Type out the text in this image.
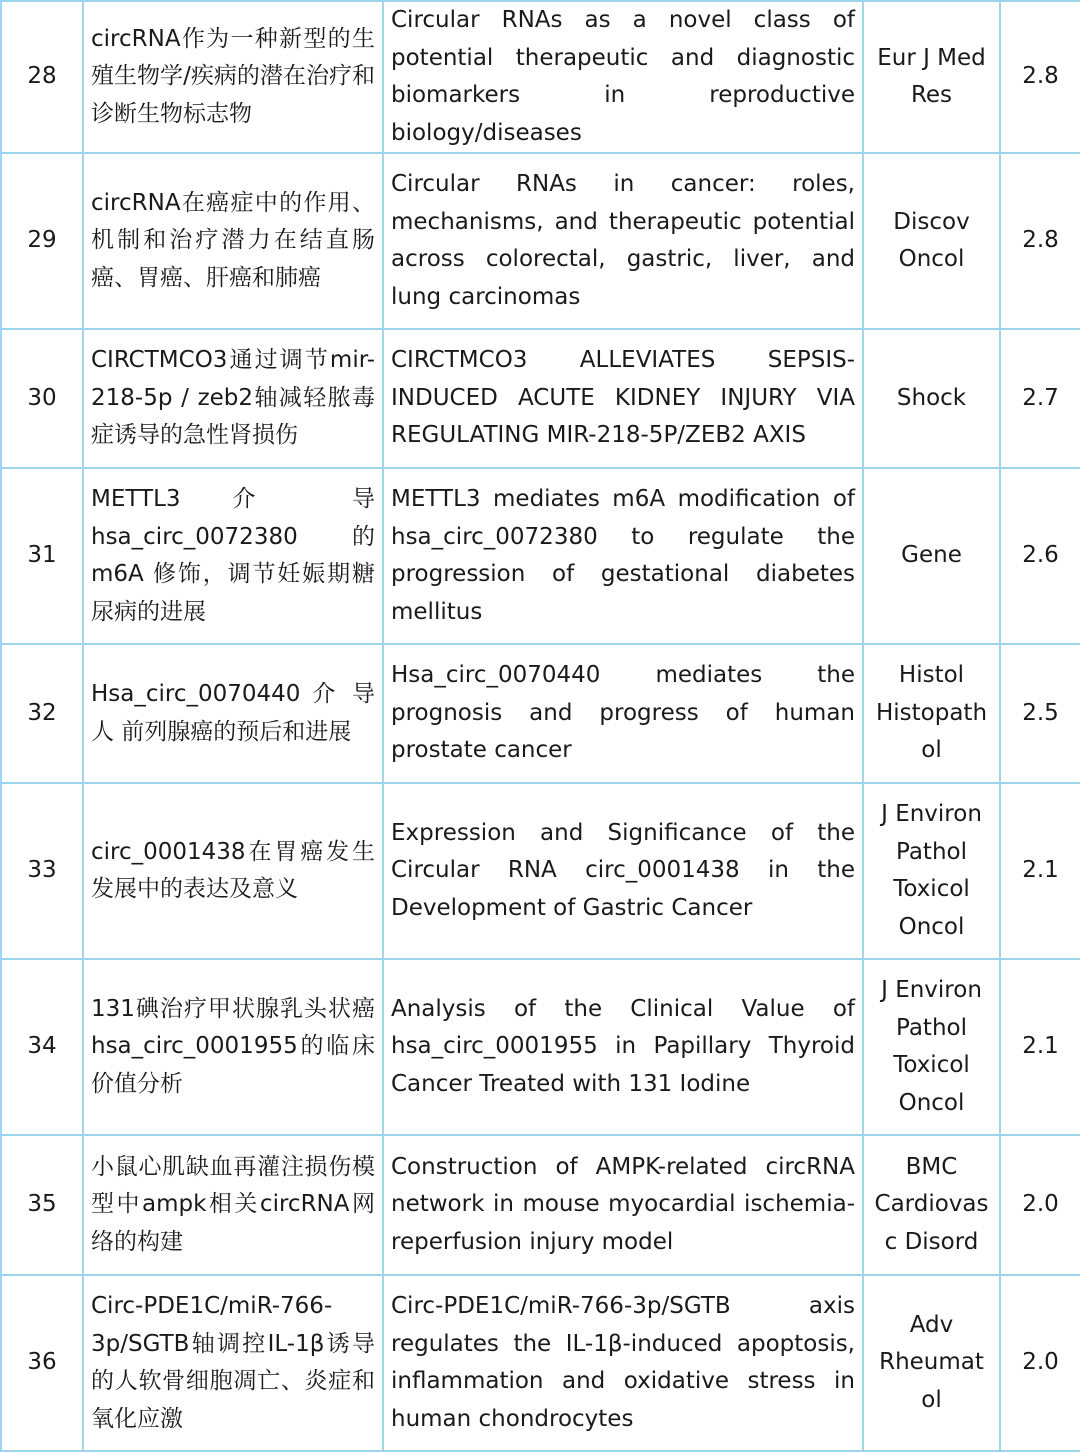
28	circRNA作为一种新型的生殖生物学/疾病的潜在治疗和诊断生物标志物	Circular RNAs as a novel class of potential therapeutic and diagnostic biomarkers in reproductive biology/diseases	Eur J Med Res	2.8
29	circRNA在癌症中的作用、机制和治疗潜力在结直肠癌、胃癌、肝癌和肺癌	Circular RNAs in cancer: roles, mechanisms, and therapeutic potential across colorectal, gastric, liver, and lung carcinomas	Discov Oncol	2.8
30	CIRCTMCO3通过调节mir-218-5p / zeb2轴减轻脓毒症诱导的急性肾损伤	CIRCTMCO3 ALLEVIATES SEPSIS-INDUCED ACUTE KIDNEY INJURY VIA REGULATING MIR-218-5P/ZEB2 AXIS	Shock	2.7
31	METTL3 介 导 hsa_circ_0072380 的 m6A 修饰，调节妊娠期糖尿病的进展	METTL3 mediates m6A modification of hsa_circ_0072380 to regulate the progression of gestational diabetes mellitus	Gene	2.6
32	Hsa_circ_0070440 介 导 人 前列腺癌的预后和进展	Hsa_circ_0070440 mediates the prognosis and progress of human prostate cancer	Histol Histopath ol	2.5
33	circ_0001438在胃癌发生发展中的表达及意义	Expression and Significance of the Circular RNA circ_0001438 in the Development of Gastric Cancer	J Environ Pathol Toxicol Oncol	2.1
34	131碘治疗甲状腺乳头状癌hsa_circ_0001955的临床价值分析	Analysis of the Clinical Value of hsa_circ_0001955 in Papillary Thyroid Cancer Treated with 131 Iodine	J Environ Pathol Toxicol Oncol	2.1
35	小鼠心肌缺血再灌注损伤模型中ampk相关circRNA网络的构建	Construction of AMPK-related circRNA network in mouse myocardial ischemia-reperfusion injury model	BMC Cardiovas c Disord	2.0
36	Circ-PDE1C/miR-766-3p/SGTB轴调控IL-1β诱导的人软骨细胞凋亡、炎症和氧化应激	Circ-PDE1C/miR-766-3p/SGTB axis regulates the IL-1β-induced apoptosis, inflammation and oxidative stress in human chondrocytes	Adv Rheumat ol	2.0
